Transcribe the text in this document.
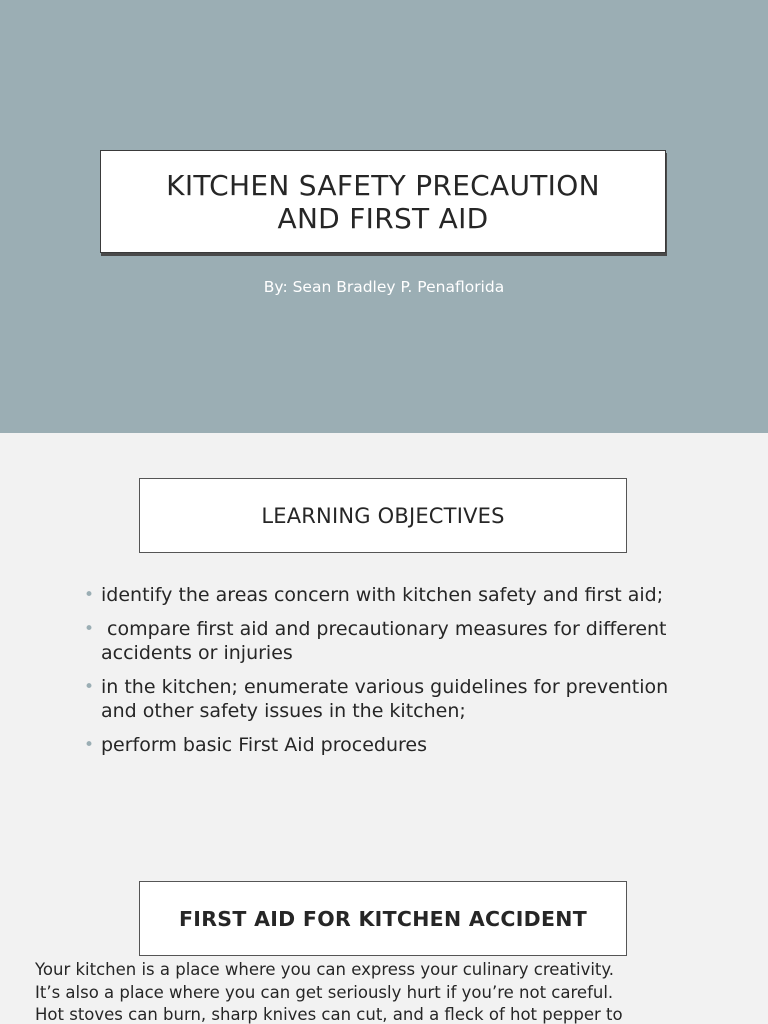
KITCHEN SAFETY PRECAUTION
AND FIRST AID
By: Sean Bradley P. Penaflorida
LEARNING OBJECTIVES
• identify the areas concern with kitchen safety and first aid;
• compare first aid and precautionary measures for different accidents or injuries
• in the kitchen; enumerate various guidelines for prevention and other safety issues in the kitchen;
• perform basic First Aid procedures
FIRST AID FOR KITCHEN ACCIDENT
Your kitchen is a place where you can express your culinary creativity.
It’s also a place where you can get seriously hurt if you’re not careful.
Hot stoves can burn, sharp knives can cut, and a fleck of hot pepper to
